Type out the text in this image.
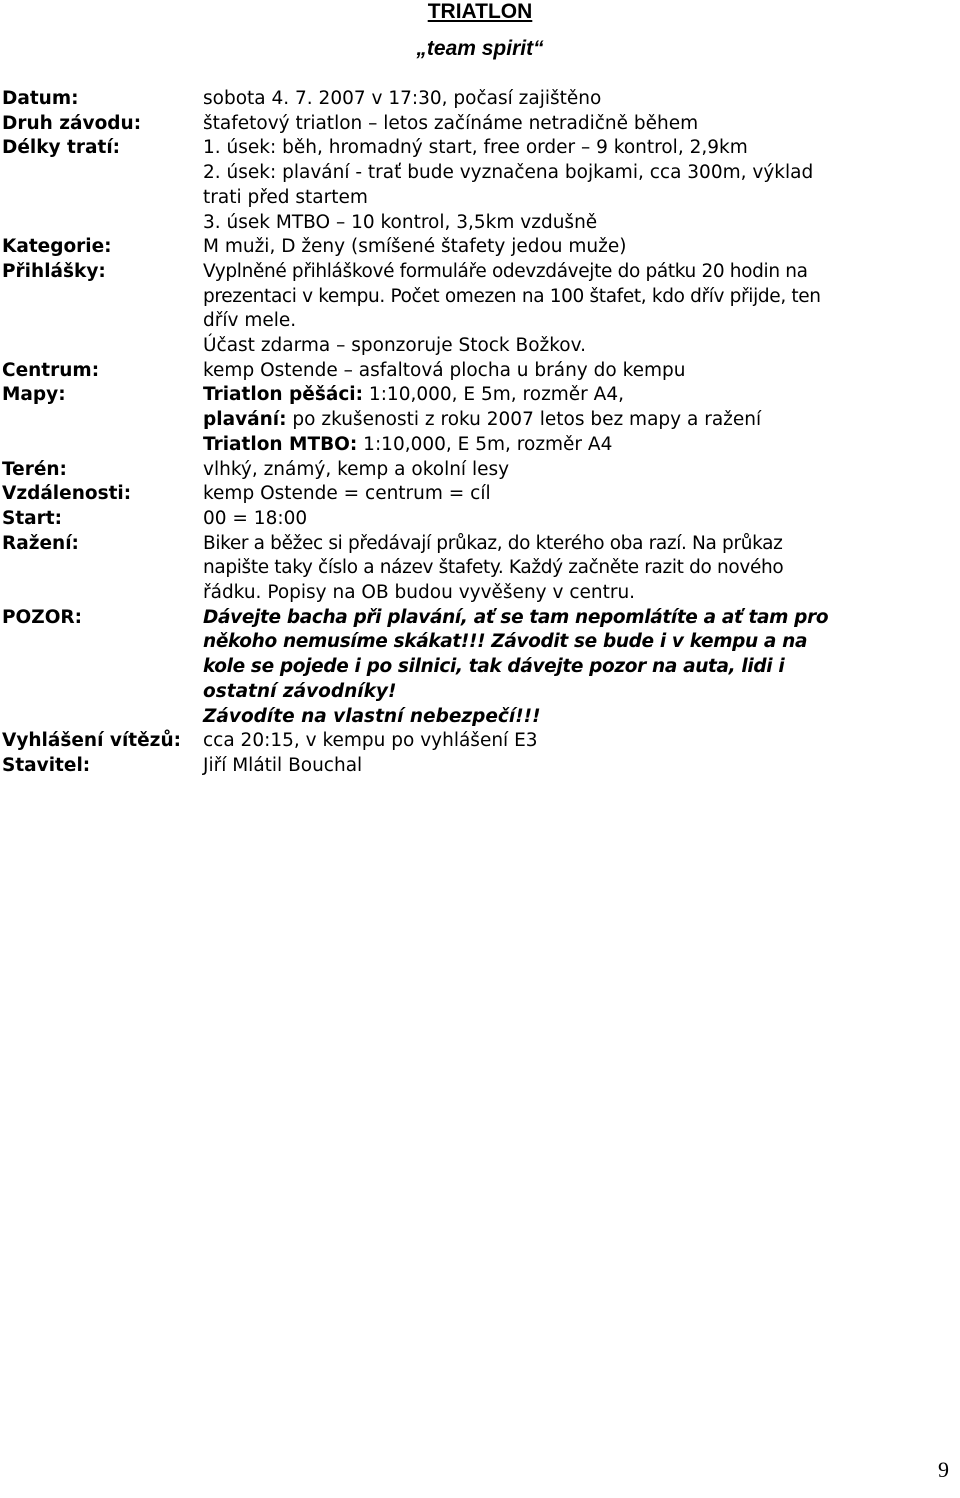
TRIATLON
„team spirit“
Datum:	sobota 4. 7. 2007 v 17:30, počasí zajištěno
Druh závodu:	štafetový triatlon – letos začínáme netradičně během
Délky tratí:	1. úsek: běh, hromadný start, free order – 9 kontrol, 2,9km
2. úsek: plavání - trať bude vyznačena bojkami, cca 300m, výklad
trati před startem
3. úsek MTBO – 10 kontrol, 3,5km vzdušně
Kategorie:	M muži, D ženy (smíšené štafety jedou muže)
Přihlášky:	Vyplněné přihláškové formuláře odevzdávejte do pátku 20 hodin na
prezentaci v kempu. Počet omezen na 100 štafet, kdo dřív přijde, ten
dřív mele.
Účast zdarma – sponzoruje Stock Božkov.
Centrum:	kemp Ostende – asfaltová plocha u brány do kempu
Mapy:	Triatlon pěšáci: 1:10,000, E 5m, rozměr A4,
plavání: po zkušenosti z roku 2007 letos bez mapy a ražení
Triatlon MTBO: 1:10,000, E 5m, rozměr A4
Terén:	vlhký, známý, kemp a okolní lesy
Vzdálenosti:	kemp Ostende = centrum = cíl
Start:	00 = 18:00
Ražení:	Biker a běžec si předávají průkaz, do kterého oba razí. Na průkaz
napište taky číslo a název štafety. Každý začněte razit do nového
řádku. Popisy na OB budou vyvěšeny v centru.
POZOR:	Dávejte bacha při plavání, ať se tam nepomlátíte a ať tam pro
někoho nemusíme skákat!!! Závodit se bude i v kempu a na
kole se pojede i po silnici, tak dávejte pozor na auta, lidi i
ostatní závodníky!
Závodíte na vlastní nebezpečí!!!
Vyhlášení vítězů: cca 20:15, v kempu po vyhlášení E3
Stavitel:	Jiří Mlátil Bouchal
9
